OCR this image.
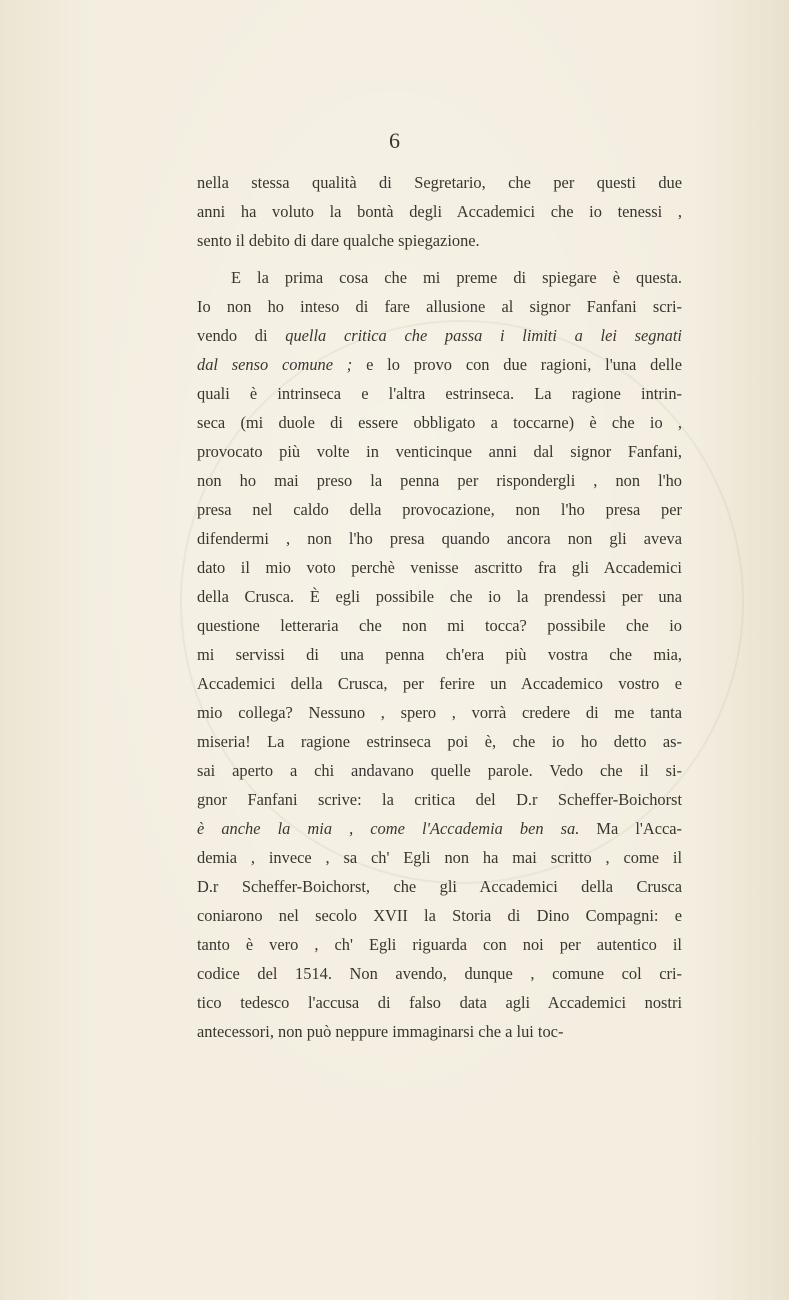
6
nella stessa qualità di Segretario, che per questi due
anni ha voluto la bontà degli Accademici che io tenessi ,
sento il debito di dare qualche spiegazione.
E la prima cosa che mi preme di spiegare è questa.
Io non ho inteso di fare allusione al signor Fanfani scri-
vendo di quella critica che passa i limiti a lei segnati
dal senso comune ; e lo provo con due ragioni, l'una delle
quali è intrinseca e l'altra estrinseca. La ragione intrin-
seca (mi duole di essere obbligato a toccarne) è che io ,
provocato più volte in venticinque anni dal signor Fanfani,
non ho mai preso la penna per rispondergli , non l'ho
presa nel caldo della provocazione, non l'ho presa per
difendermi , non l'ho presa quando ancora non gli aveva
dato il mio voto perchè venisse ascritto fra gli Accademici
della Crusca. È egli possibile che io la prendessi per una
questione letteraria che non mi tocca? possibile che io
mi servissi di una penna ch'era più vostra che mia,
Accademici della Crusca, per ferire un Accademico vostro e
mio collega? Nessuno , spero , vorrà credere di me tanta
miseria! La ragione estrinseca poi è, che io ho detto as-
sai aperto a chi andavano quelle parole. Vedo che il si-
gnor Fanfani scrive: la critica del D.r Scheffer-Boichorst
è anche la mia , come l'Accademia ben sa. Ma l'Acca-
demia , invece , sa ch' Egli non ha mai scritto , come il
D.r Scheffer-Boichorst, che gli Accademici della Crusca
coniarono nel secolo XVII la Storia di Dino Compagni: e
tanto è vero , ch' Egli riguarda con noi per autentico il
codice del 1514. Non avendo, dunque , comune col cri-
tico tedesco l'accusa di falso data agli Accademici nostri
antecessori, non può neppure immaginarsi che a lui toc-
